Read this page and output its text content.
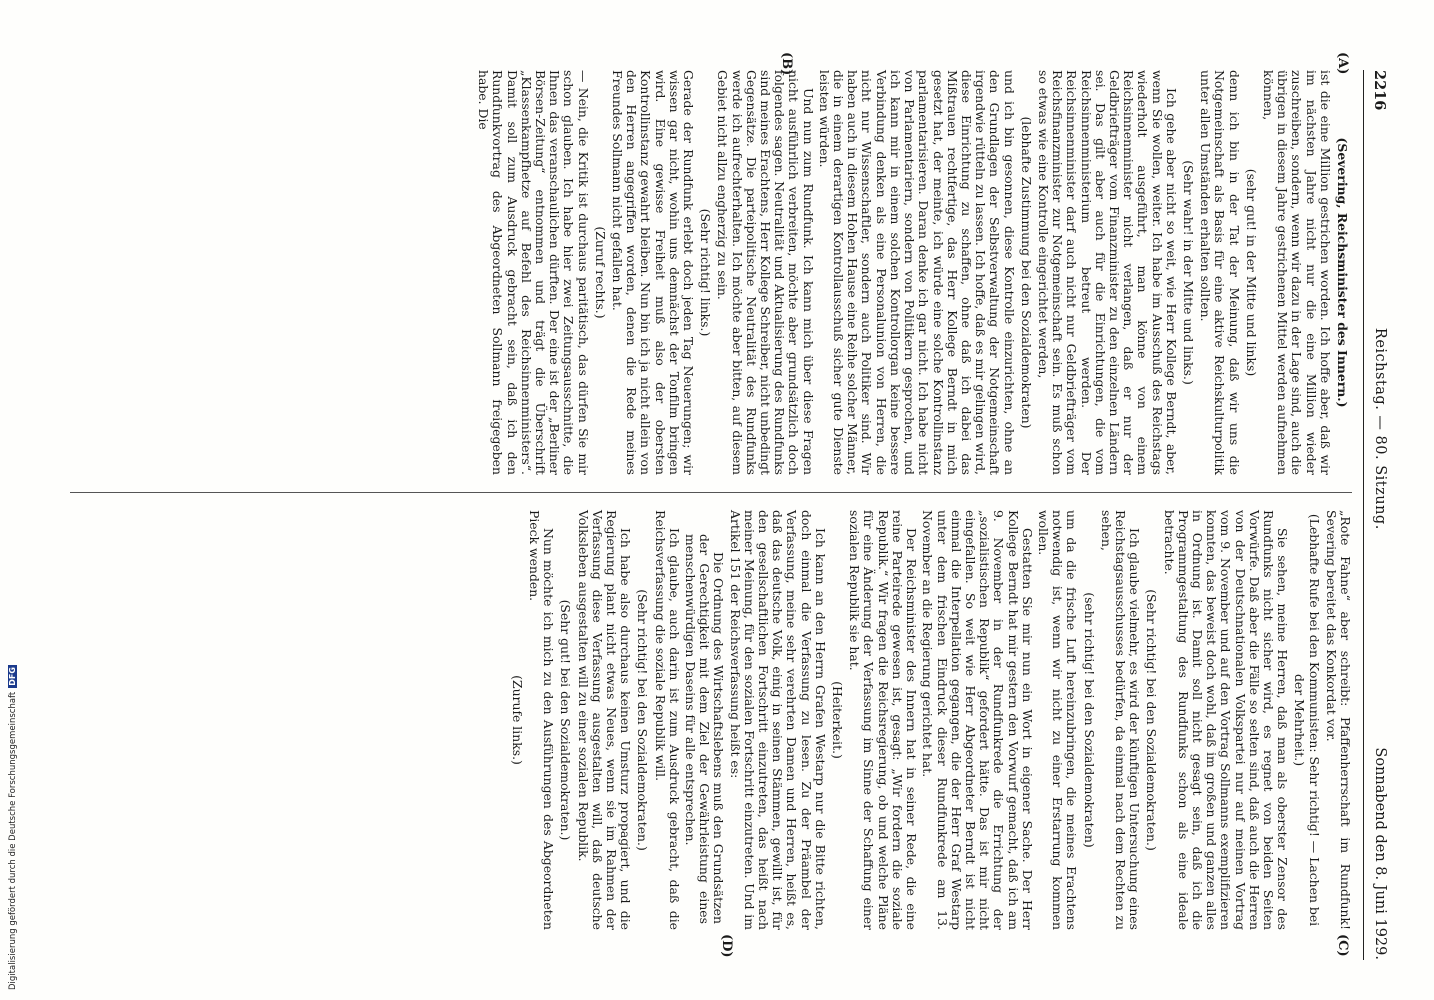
2216
Reichstag. — 80. Sitzung.
Sonnabend den 8. Juni 1929.
(A)
(B)
(C)
(D)

(Severing, Reichsminister des Innern.)

ist die eine Million gestrichen worden. Ich hoffe aber, daß wir im nächsten Jahre nicht nur die eine Million wieder zuschreiben, sondern, wenn wir dazu in der Lage sind, auch die übrigen in diesem Jahre gestrichenen Mittel werden aufnehmen können,

(sehr gut! in der Mitte und links)

denn ich bin in der Tat der Meinung, daß wir uns die Notgemeinschaft als Basis für eine aktive Reichskulturpolitik unter allen Umständen erhalten sollten.

(Sehr wahr! in der Mitte und links.)

Ich gehe aber nicht so weit, wie Herr Kollege Berndt, aber, wenn Sie wollen, weiter. Ich habe im Ausschuß des Reichstags wiederholt ausgeführt, man könne von einem Reichsinnenminister nicht verlangen, daß er nur der Geldbriefträger vom Finanzminister zu den einzelnen Ländern sei. Das gilt aber auch für die Einrichtungen, die vom Reichsinnenministerium betreut werden. Der Reichsinnenminister darf auch nicht nur Geldbriefträger vom Reichsfinanzminister zur Notgemeinschaft sein. Es muß schon so etwas wie eine Kontrolle eingerichtet werden,

(lebhafte Zustimmung bei den Sozialdemokraten)

und ich bin gesonnen, diese Kontrolle einzurichten, ohne an den Grundlagen der Selbstverwaltung der Notgemeinschaft irgendwie rütteln zu lassen. Ich hoffe, daß es mir gelingen wird, diese Einrichtung zu schaffen, ohne daß ich dabei das Mißtrauen rechtfertige, das Herr Kollege Berndt in mich gesetzt hat, der meinte, ich würde eine solche Kontrollinstanz parlamentarisieren. Daran denke ich gar nicht. Ich habe nicht von Parlamentariern, sondern von Politikern gesprochen, und ich kann mir in einem solchen Kontrollorgan keine bessere Verbindung denken als eine Personalunion von Herren, die nicht nur Wissenschaftler, sondern auch Politiker sind. Wir haben auch in diesem Hohen Hause eine Reihe solcher Männer, die in einem derartigen Kontrollausschuß sicher gute Dienste leisten würden.

Und nun zum Rundfunk. Ich kann mich über diese Fragen nicht ausführlich verbreiten, möchte aber grundsätzlich doch folgendes sagen. Neutralität und Aktualisierung des Rundfunks sind meines Erachtens, Herr Kollege Schreiber, nicht unbedingt Gegensätze. Die parteipolitische Neutralität des Rundfunks werde ich aufrechterhalten. Ich möchte aber bitten, auf diesem Gebiet nicht allzu engherzig zu sein.

(Sehr richtig! links.)

Gerade der Rundfunk erlebt doch jeden Tag Neuerungen; wir wissen gar nicht, wohin uns demnächst der Tonfilm bringen wird. Eine gewisse Freiheit muß also der obersten Kontrollinstanz gewahrt bleiben. Nun bin ich ja nicht allein von den Herren angegriffen worden, denen die Rede meines Freundes Sollmann nicht gefallen hat.

(Zuruf rechts.)

— Nein, die Kritik ist durchaus paritätisch, das dürfen Sie mir schon glauben. Ich habe hier zwei Zeitungsausschnitte, die Ihnen das veranschaulichen dürften. Der eine ist der „Berliner Börsen-Zeitung“ entnommen und trägt die Überschrift „Klassenkampfhetze auf Befehl des Reichsinnenministers“. Damit soll zum Ausdruck gebracht sein, daß ich den Rundfunkvortrag des Abgeordneten Sollmann freigegeben habe. Die

„Rote Fahne“ aber schreibt: Pfaffenherrschaft im Rundfunk! Severing bereitet das Konkordat vor.

(Lebhafte Rufe bei den Kommunisten: Sehr richtig! — Lachen bei der Mehrheit.)

Sie sehen, meine Herren, daß man als oberster Zensor des Rundfunks nicht sicher wird, es regnet von beiden Seiten Vorwürfe. Daß aber die Fälle so selten sind, daß auch die Herren von der Deutschnationalen Volkspartei nur auf meinen Vortrag vom 9. November und auf den Vortrag Sollmanns exemplifizieren konnten, das beweist doch wohl, daß im großen und ganzen alles in Ordnung ist. Damit soll nicht gesagt sein, daß ich die Programmgestaltung des Rundfunks schon als eine ideale betrachte.

(Sehr richtig! bei den Sozialdemokraten.)

Ich glaube vielmehr, es wird der künftigen Untersuchung eines Reichstagsausschusses bedürfen, da einmal nach dem Rechten zu sehen,

(sehr richtig! bei den Sozialdemokraten)

um da die frische Luft hereinzubringen, die meines Erachtens notwendig ist, wenn wir nicht zu einer Erstarrung kommen wollen.

Gestatten Sie mir nun ein Wort in eigener Sache. Der Herr Kollege Berndt hat mir gestern den Vorwurf gemacht, daß ich am 9. November in der Rundfunkrede die Errichtung der „sozialistischen Republik“ gefordert hätte. Das ist mir nicht eingefallen. So weit wie Herr Abgeordneter Berndt ist nicht einmal die Interpellation gegangen, die der Herr Graf Westarp unter dem frischen Eindruck dieser Rundfunkrede am 13. November an die Regierung gerichtet hat.

Der Reichsminister des Innern hat in seiner Rede, die eine reine Parteirede gewesen ist, gesagt: „Wir fordern die soziale Republik.“ Wir fragen die Reichsregierung, ob und welche Pläne für eine Änderung der Verfassung im Sinne der Schaffung einer sozialen Republik sie hat.

(Heiterkeit.)

Ich kann an den Herrn Grafen Westarp nur die Bitte richten, doch einmal die Verfassung zu lesen. Zu der Präambel der Verfassung, meine sehr verehrten Damen und Herren, heißt es, daß das deutsche Volk, einig in seinen Stämmen, gewillt ist, für den gesellschaftlichen Fortschritt einzutreten, das heißt nach meiner Meinung, für den sozialen Fortschritt einzutreten. Und im Artikel 151 der Reichsverfassung heißt es:

Die Ordnung des Wirtschaftslebens muß den Grundsätzen der Gerechtigkeit mit dem Ziel der Gewährleistung eines menschenwürdigen Daseins für alle entsprechen.

Ich glaube, auch darin ist zum Ausdruck gebracht, daß die Reichsverfassung die soziale Republik will.

(Sehr richtig! bei den Sozialdemokraten.)

Ich habe also durchaus keinen Umsturz propagiert, und die Regierung plant nicht etwas Neues, wenn sie im Rahmen der Verfassung diese Verfassung ausgestalten will, daß deutsche Volksleben ausgestalten will zu einer sozialen Republik.

(Sehr gut! bei den Sozialdemokraten.)

Nun möchte ich mich zu den Ausführungen des Abgeordneten Pieck wenden.

(Zurufe links.)

Digitalisierung gefördert durch die Deutsche ForschungsgemeinschaftDFG
